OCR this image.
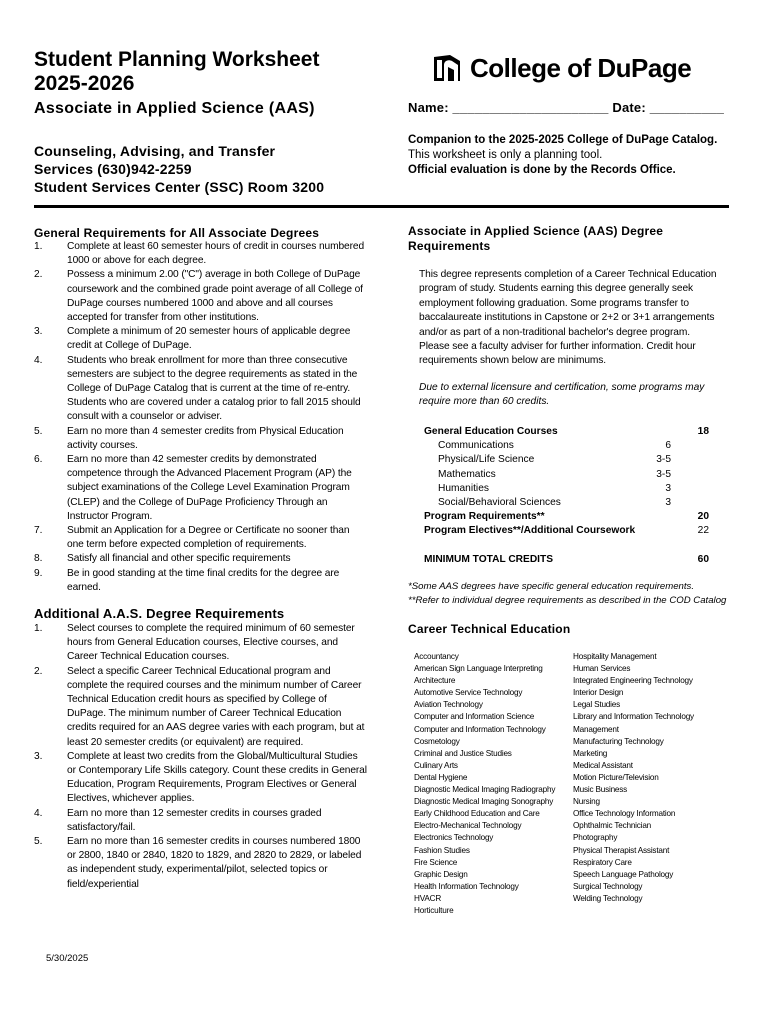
Student Planning Worksheet
2025-2026
Associate in Applied Science (AAS)
Counseling, Advising, and Transfer
Services (630)942-2259
Student Services Center (SSC) Room 3200
College of DuPage
Name: _____________________ Date: __________
Companion to the 2025-2025 College of DuPage Catalog.
This worksheet is only a planning tool.
Official evaluation is done by the Records Office.
General Requirements for All Associate Degrees
1. Complete at least 60 semester hours of credit in courses numbered 1000 or above for each degree.
2. Possess a minimum 2.00 ("C") average in both College of DuPage coursework and the combined grade point average of all College of DuPage courses numbered 1000 and above and all courses accepted for transfer from other institutions.
3. Complete a minimum of 20 semester hours of applicable degree credit at College of DuPage.
4. Students who break enrollment for more than three consecutive semesters are subject to the degree requirements as stated in the College of DuPage Catalog that is current at the time of re-entry. Students who are covered under a catalog prior to fall 2015 should consult with a counselor or adviser.
5. Earn no more than 4 semester credits from Physical Education activity courses.
6. Earn no more than 42 semester credits by demonstrated competence through the Advanced Placement Program (AP) the subject examinations of the College Level Examination Program (CLEP) and the College of DuPage Proficiency Through an Instructor Program.
7. Submit an Application for a Degree or Certificate no sooner than one term before expected completion of requirements.
8. Satisfy all financial and other specific requirements
9. Be in good standing at the time final credits for the degree are earned.
Additional A.A.S. Degree Requirements
1. Select courses to complete the required minimum of 60 semester hours from General Education courses, Elective courses, and Career Technical Education courses.
2. Select a specific Career Technical Educational program and complete the required courses and the minimum number of Career Technical Education credit hours as specified by College of DuPage. The minimum number of Career Technical Education credits required for an AAS degree varies with each program, but at least 20 semester credits (or equivalent) are required.
3. Complete at least two credits from the Global/Multicultural Studies or Contemporary Life Skills category. Count these credits in General Education, Program Requirements, Program Electives or General Electives, whichever applies.
4. Earn no more than 12 semester credits in courses graded satisfactory/fail.
5. Earn no more than 16 semester credits in courses numbered 1800 or 2800, 1840 or 2840, 1820 to 1829, and 2820 to 2829, or labeled as independent study, experimental/pilot, selected topics or field/experiential
Associate in Applied Science (AAS) Degree
Requirements
This degree represents completion of a Career Technical Education program of study. Students earning this degree generally seek employment following graduation. Some programs transfer to baccalaureate institutions in Capstone or 2+2 or 3+1 arrangements and/or as part of a non-traditional bachelor's degree program. Please see a faculty adviser for further information. Credit hour requirements shown below are minimums.
Due to external licensure and certification, some programs may require more than 60 credits.
General Education Courses	18
Communications	6
Physical/Life Science	3-5
Mathematics	3-5
Humanities	3
Social/Behavioral Sciences	3
Program Requirements**	20
Program Electives**/Additional Coursework	22
MINIMUM TOTAL CREDITS	60
*Some AAS degrees have specific general education requirements.
**Refer to individual degree requirements as described in the COD Catalog
Career Technical Education
Accountancy
American Sign Language Interpreting
Architecture
Automotive Service Technology
Aviation Technology
Computer and Information Science
Computer and Information Technology
Cosmetology
Criminal and Justice Studies
Culinary Arts
Dental Hygiene
Diagnostic Medical Imaging Radiography
Diagnostic Medical Imaging Sonography
Early Childhood Education and Care
Electro-Mechanical Technology
Electronics Technology
Fashion Studies
Fire Science
Graphic Design
Health Information Technology
HVACR
Horticulture
Hospitality Management
Human Services
Integrated Engineering Technology
Interior Design
Legal Studies
Library and Information Technology
Management
Manufacturing Technology
Marketing
Medical Assistant
Motion Picture/Television
Music Business
Nursing
Office Technology Information
Ophthalmic Technician
Photography
Physical Therapist Assistant
Respiratory Care
Speech Language Pathology
Surgical Technology
Welding Technology
5/30/2025
